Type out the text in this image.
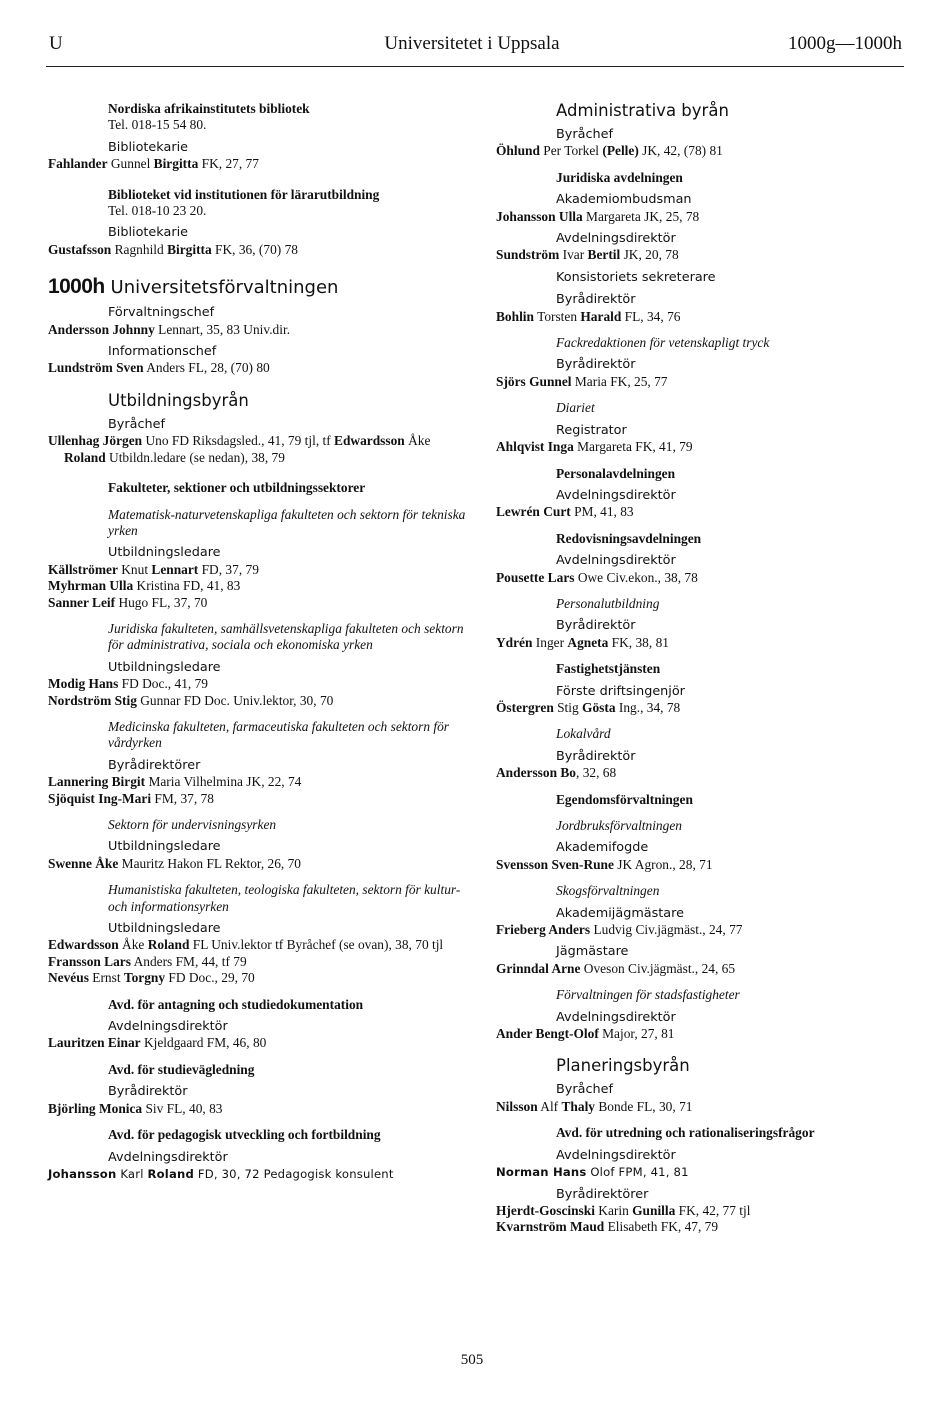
U	Universitetet i Uppsala	1000g—1000h
Nordiska afrikainstitutets bibliotek
Tel. 018-15 54 80.
Bibliotekarie
Fahlander Gunnel Birgitta FK, 27, 77
Biblioteket vid institutionen för lärarutbildning
Tel. 018-10 23 20.
Bibliotekarie
Gustafsson Ragnhild Birgitta FK, 36, (70) 78
1000h Universitetsförvaltningen
Förvaltningschef
Andersson Johnny Lennart, 35, 83 Univ.dir.
Informationschef
Lundström Sven Anders FL, 28, (70) 80
Utbildningsbyrån
Byråchef
Ullenhag Jörgen Uno FD Riksdagsled., 41, 79 tjl, tf Edwardsson Åke Roland Utbildn.ledare (se nedan), 38, 79
Fakulteter, sektioner och utbildningssektorer
Matematisk-naturvetenskapliga fakulteten och sektorn för tekniska yrken
Utbildningsledare
Källströmer Knut Lennart FD, 37, 79
Myhrman Ulla Kristina FD, 41, 83
Sanner Leif Hugo FL, 37, 70
Juridiska fakulteten, samhällsvetenskapliga fakulteten och sektorn för administrativa, sociala och ekonomiska yrken
Utbildningsledare
Modig Hans FD Doc., 41, 79
Nordström Stig Gunnar FD Doc. Univ.lektor, 30, 70
Medicinska fakulteten, farmaceutiska fakulteten och sektorn för vårdyrken
Byrådirektörer
Lannering Birgit Maria Vilhelmina JK, 22, 74
Sjöquist Ing-Mari FM, 37, 78
Sektorn för undervisningsyrken
Utbildningsledare
Swenne Åke Mauritz Hakon FL Rektor, 26, 70
Humanistiska fakulteten, teologiska fakulteten, sektorn för kultur- och informationsyrken
Utbildningsledare
Edwardsson Åke Roland FL Univ.lektor tf Byråchef (se ovan), 38, 70 tjl
Fransson Lars Anders FM, 44, tf 79
Nevéus Ernst Torgny FD Doc., 29, 70
Avd. för antagning och studiedokumentation
Avdelningsdirektör
Lauritzen Einar Kjeldgaard FM, 46, 80
Avd. för studievägledning
Byrådirektör
Björling Monica Siv FL, 40, 83
Avd. för pedagogisk utveckling och fortbildning
Avdelningsdirektör
Johansson Karl Roland FD, 30, 72 Pedagogisk konsulent
Administrativa byrån
Byråchef
Öhlund Per Torkel (Pelle) JK, 42, (78) 81
Juridiska avdelningen
Akademiombudsman
Johansson Ulla Margareta JK, 25, 78
Avdelningsdirektör
Sundström Ivar Bertil JK, 20, 78
Konsistoriets sekreterare
Byrådirektör
Bohlin Torsten Harald FL, 34, 76
Fackredaktionen för vetenskapligt tryck
Byrådirektör
Sjörs Gunnel Maria FK, 25, 77
Diariet
Registrator
Ahlqvist Inga Margareta FK, 41, 79
Personalavdelningen
Avdelningsdirektör
Lewrén Curt PM, 41, 83
Redovisningsavdelningen
Avdelningsdirektör
Pousette Lars Owe Civ.ekon., 38, 78
Personalutbildning
Byrådirektör
Ydrén Inger Agneta FK, 38, 81
Fastighetstjänsten
Förste driftsingenjör
Östergren Stig Gösta Ing., 34, 78
Lokalvård
Byrådirektör
Andersson Bo, 32, 68
Egendomsförvaltningen
Jordbruksförvaltningen
Akademifogde
Svensson Sven-Rune JK Agron., 28, 71
Skogsförvaltningen
Akademijägmästare
Frieberg Anders Ludvig Civ.jägmäst., 24, 77
Jägmästare
Grinndal Arne Oveson Civ.jägmäst., 24, 65
Förvaltningen för stadsfastigheter
Avdelningsdirektör
Ander Bengt-Olof Major, 27, 81
Planeringsbyrån
Byråchef
Nilsson Alf Thaly Bonde FL, 30, 71
Avd. för utredning och rationaliseringsfrågor
Avdelningsdirektör
Norman Hans Olof FPM, 41, 81
Byrådirektörer
Hjerdt-Goscinski Karin Gunilla FK, 42, 77 tjl
Kvarnström Maud Elisabeth FK, 47, 79
505
